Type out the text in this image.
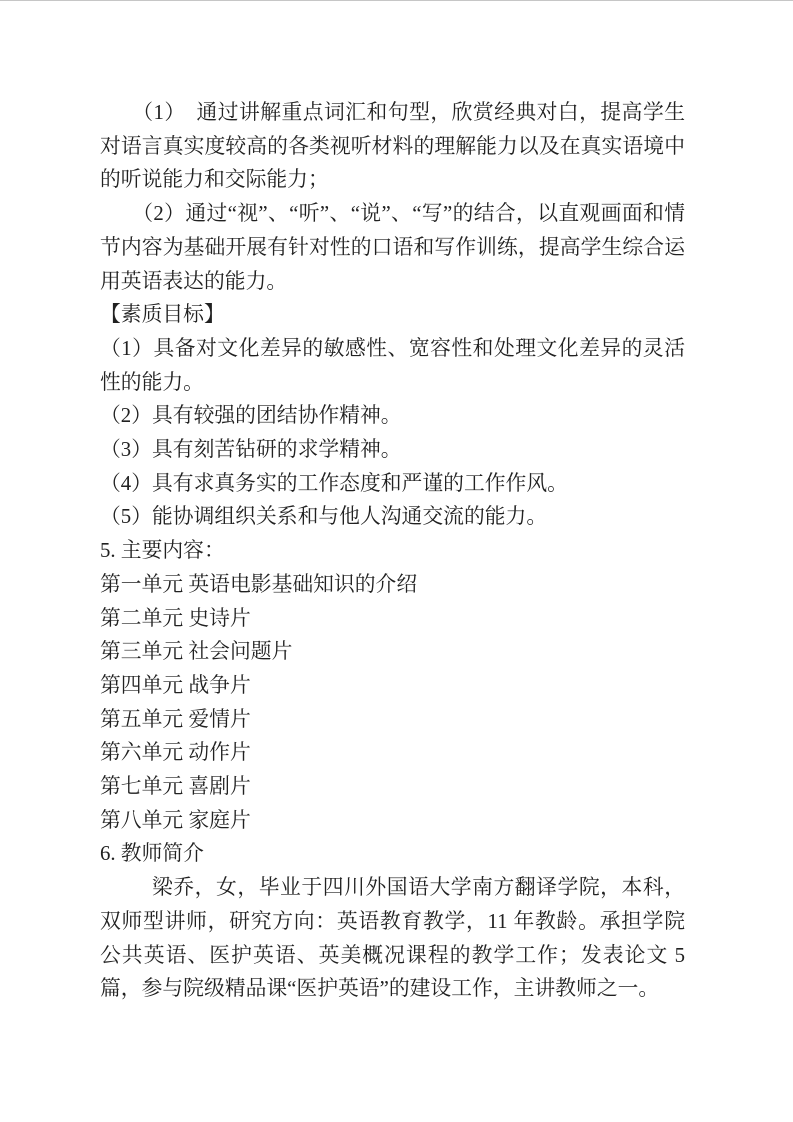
（1）　通过讲解重点词汇和句型，欣赏经典对白，提高学生对语言真实度较高的各类视听材料的理解能力以及在真实语境中的听说能力和交际能力；

（2）通过“视”、“听”、“说”、“写”的结合，以直观画面和情节内容为基础开展有针对性的口语和写作训练，提高学生综合运用英语表达的能力。

【素质目标】

（1）具备对文化差异的敏感性、宽容性和处理文化差异的灵活性的能力。

（2）具有较强的团结协作精神。

（3）具有刻苦钻研的求学精神。

（4）具有求真务实的工作态度和严谨的工作作风。

（5）能协调组织关系和与他人沟通交流的能力。

5. 主要内容：

第一单元 英语电影基础知识的介绍

第二单元 史诗片

第三单元 社会问题片

第四单元 战争片

第五单元 爱情片

第六单元 动作片

第七单元 喜剧片

第八单元 家庭片

6. 教师简介

梁乔，女，毕业于四川外国语大学南方翻译学院，本科，双师型讲师，研究方向：英语教育教学，11 年教龄。承担学院公共英语、医护英语、英美概况课程的教学工作；发表论文 5 篇，参与院级精品课“医护英语”的建设工作，主讲教师之一。
